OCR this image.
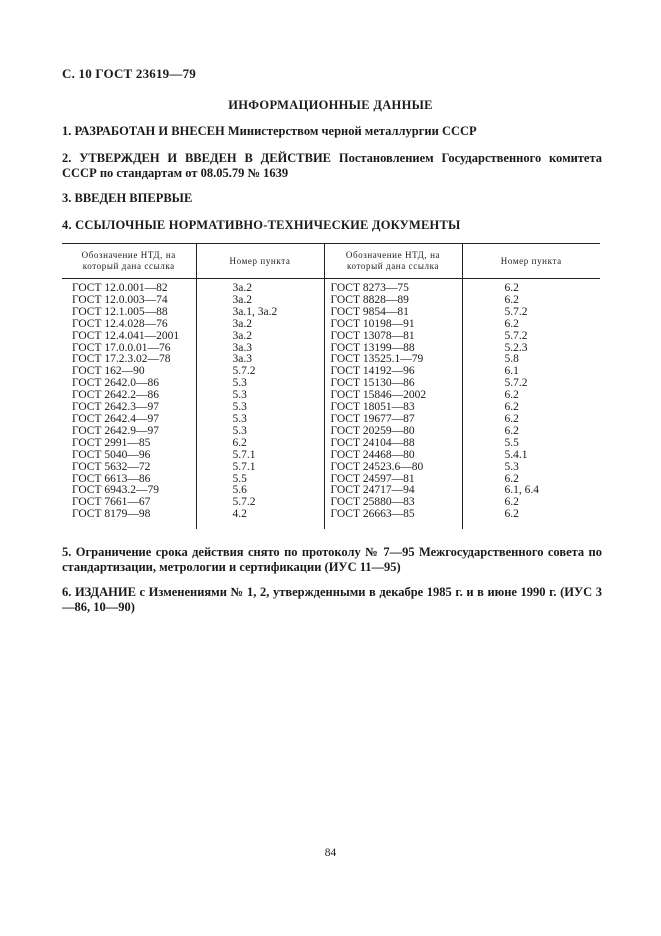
С. 10 ГОСТ 23619—79
ИНФОРМАЦИОННЫЕ ДАННЫЕ
1. РАЗРАБОТАН И ВНЕСЕН Министерством черной металлургии СССР
2. УТВЕРЖДЕН И ВВЕДЕН В ДЕЙСТВИЕ Постановлением Государственного комитета СССР по стандартам от 08.05.79 № 1639
3. ВВЕДЕН ВПЕРВЫЕ
4. ССЫЛОЧНЫЕ НОРМАТИВНО-ТЕХНИЧЕСКИЕ ДОКУМЕНТЫ
Обозначение НТД, на который дана ссылка	Номер пункта	Обозначение НТД, на который дана ссылка	Номер пункта
ГОСТ 12.0.001—82	3а.2	ГОСТ 8273—75	6.2
ГОСТ 12.0.003—74	3а.2	ГОСТ 8828—89	6.2
ГОСТ 12.1.005—88	3а.1, 3а.2	ГОСТ 9854—81	5.7.2
ГОСТ 12.4.028—76	3а.2	ГОСТ 10198—91	6.2
ГОСТ 12.4.041—2001	3а.2	ГОСТ 13078—81	5.7.2
ГОСТ 17.0.0.01—76	3а.3	ГОСТ 13199—88	5.2.3
ГОСТ 17.2.3.02—78	3а.3	ГОСТ 13525.1—79	5.8
ГОСТ 162—90	5.7.2	ГОСТ 14192—96	6.1
ГОСТ 2642.0—86	5.3	ГОСТ 15130—86	5.7.2
ГОСТ 2642.2—86	5.3	ГОСТ 15846—2002	6.2
ГОСТ 2642.3—97	5.3	ГОСТ 18051—83	6.2
ГОСТ 2642.4—97	5.3	ГОСТ 19677—87	6.2
ГОСТ 2642.9—97	5.3	ГОСТ 20259—80	6.2
ГОСТ 2991—85	6.2	ГОСТ 24104—88	5.5
ГОСТ 5040—96	5.7.1	ГОСТ 24468—80	5.4.1
ГОСТ 5632—72	5.7.1	ГОСТ 24523.6—80	5.3
ГОСТ 6613—86	5.5	ГОСТ 24597—81	6.2
ГОСТ 6943.2—79	5.6	ГОСТ 24717—94	6.1, 6.4
ГОСТ 7661—67	5.7.2	ГОСТ 25880—83	6.2
ГОСТ 8179—98	4.2	ГОСТ 26663—85	6.2
5. Ограничение срока действия снято по протоколу № 7—95 Межгосударственного совета по стандартизации, метрологии и сертификации (ИУС 11—95)
6. ИЗДАНИЕ с Изменениями № 1, 2, утвержденными в декабре 1985 г. и в июне 1990 г. (ИУС 3—86, 10—90)
84
